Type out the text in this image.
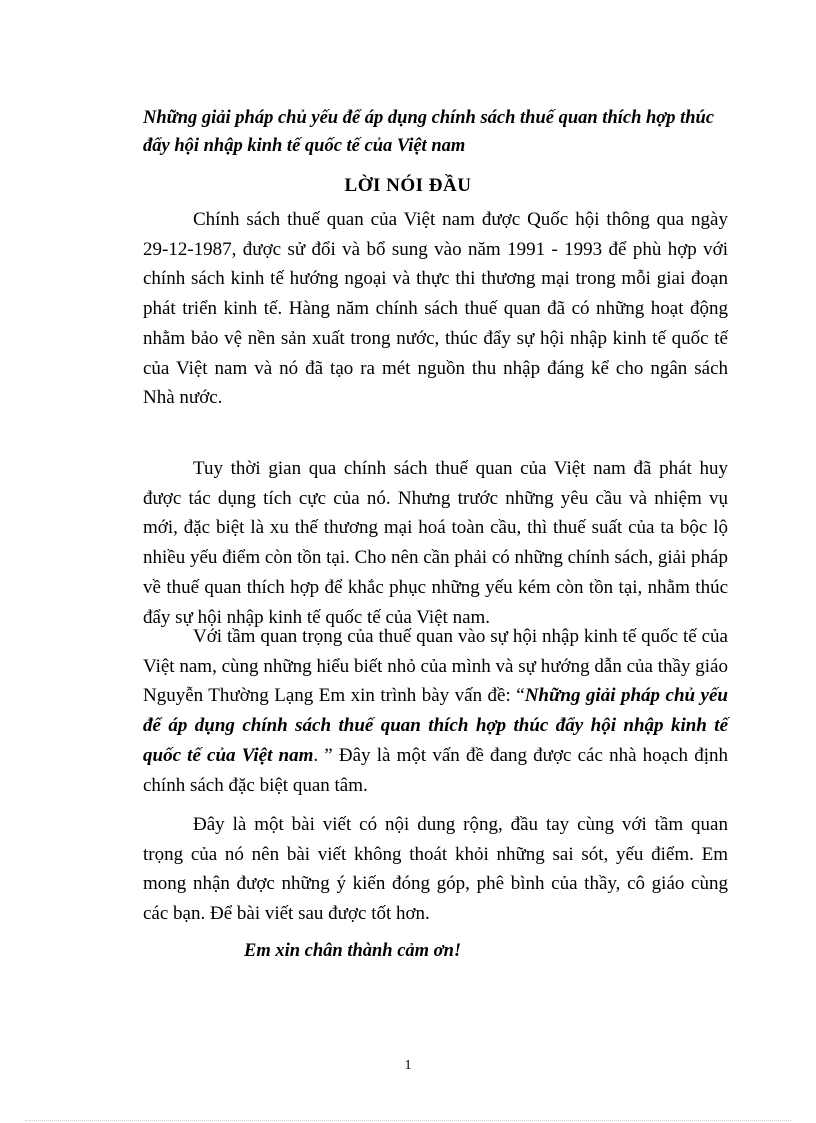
Những giải pháp chủ yếu để áp dụng chính sách thuế quan thích hợp thúc đẩy hội nhập kinh tế quốc tế của Việt nam
LỜI NÓI ĐẦU

Chính sách thuế quan của Việt nam được Quốc hội thông qua ngày 29-12-1987, được sử đổi và bổ sung vào năm 1991 - 1993 để phù hợp với chính sách kinh tế hướng ngoại và thực thi thương mại trong mỗi giai đoạn phát triển kinh tế. Hàng năm chính sách thuế quan đã có những hoạt động nhằm bảo vệ nền sản xuất trong nước, thúc đẩy sự hội nhập kinh tế quốc tế của Việt nam và nó đã tạo ra mét nguồn thu nhập đáng kể cho ngân sách Nhà nước.

Tuy thời gian qua chính sách thuế quan của Việt nam đã phát huy được tác dụng tích cực của nó. Nhưng trước những yêu cầu và nhiệm vụ mới, đặc biệt là xu thế thương mại hoá toàn cầu, thì thuế suất của ta bộc lộ nhiều yếu điểm còn tồn tại. Cho nên cần phải có những chính sách, giải pháp về thuế quan thích hợp để khắc phục những yếu kém còn tồn tại, nhằm thúc đẩy sự hội nhập kinh tế quốc tế của Việt nam.

Với tầm quan trọng của thuế quan vào sự hội nhập kinh tế quốc tế của Việt nam, cùng những hiểu biết nhỏ của mình và sự hướng dẫn của thầy giáo Nguyễn Thường Lạng Em xin trình bày vấn đề: “Những giải pháp chủ yếu để áp dụng chính sách thuế quan thích hợp thúc đẩy hội nhập kinh tế quốc tế của Việt nam. ” Đây là một vấn đề đang được các nhà hoạch định chính sách đặc biệt quan tâm.

Đây là một bài viết có nội dung rộng, đầu tay cùng với tầm quan trọng của nó nên bài viết không thoát khỏi những sai sót, yếu điểm. Em mong nhận được những ý kiến đóng góp, phê bình của thầy, cô giáo cùng các bạn. Để bài viết sau được tốt hơn.

Em xin chân thành cảm ơn!
1
